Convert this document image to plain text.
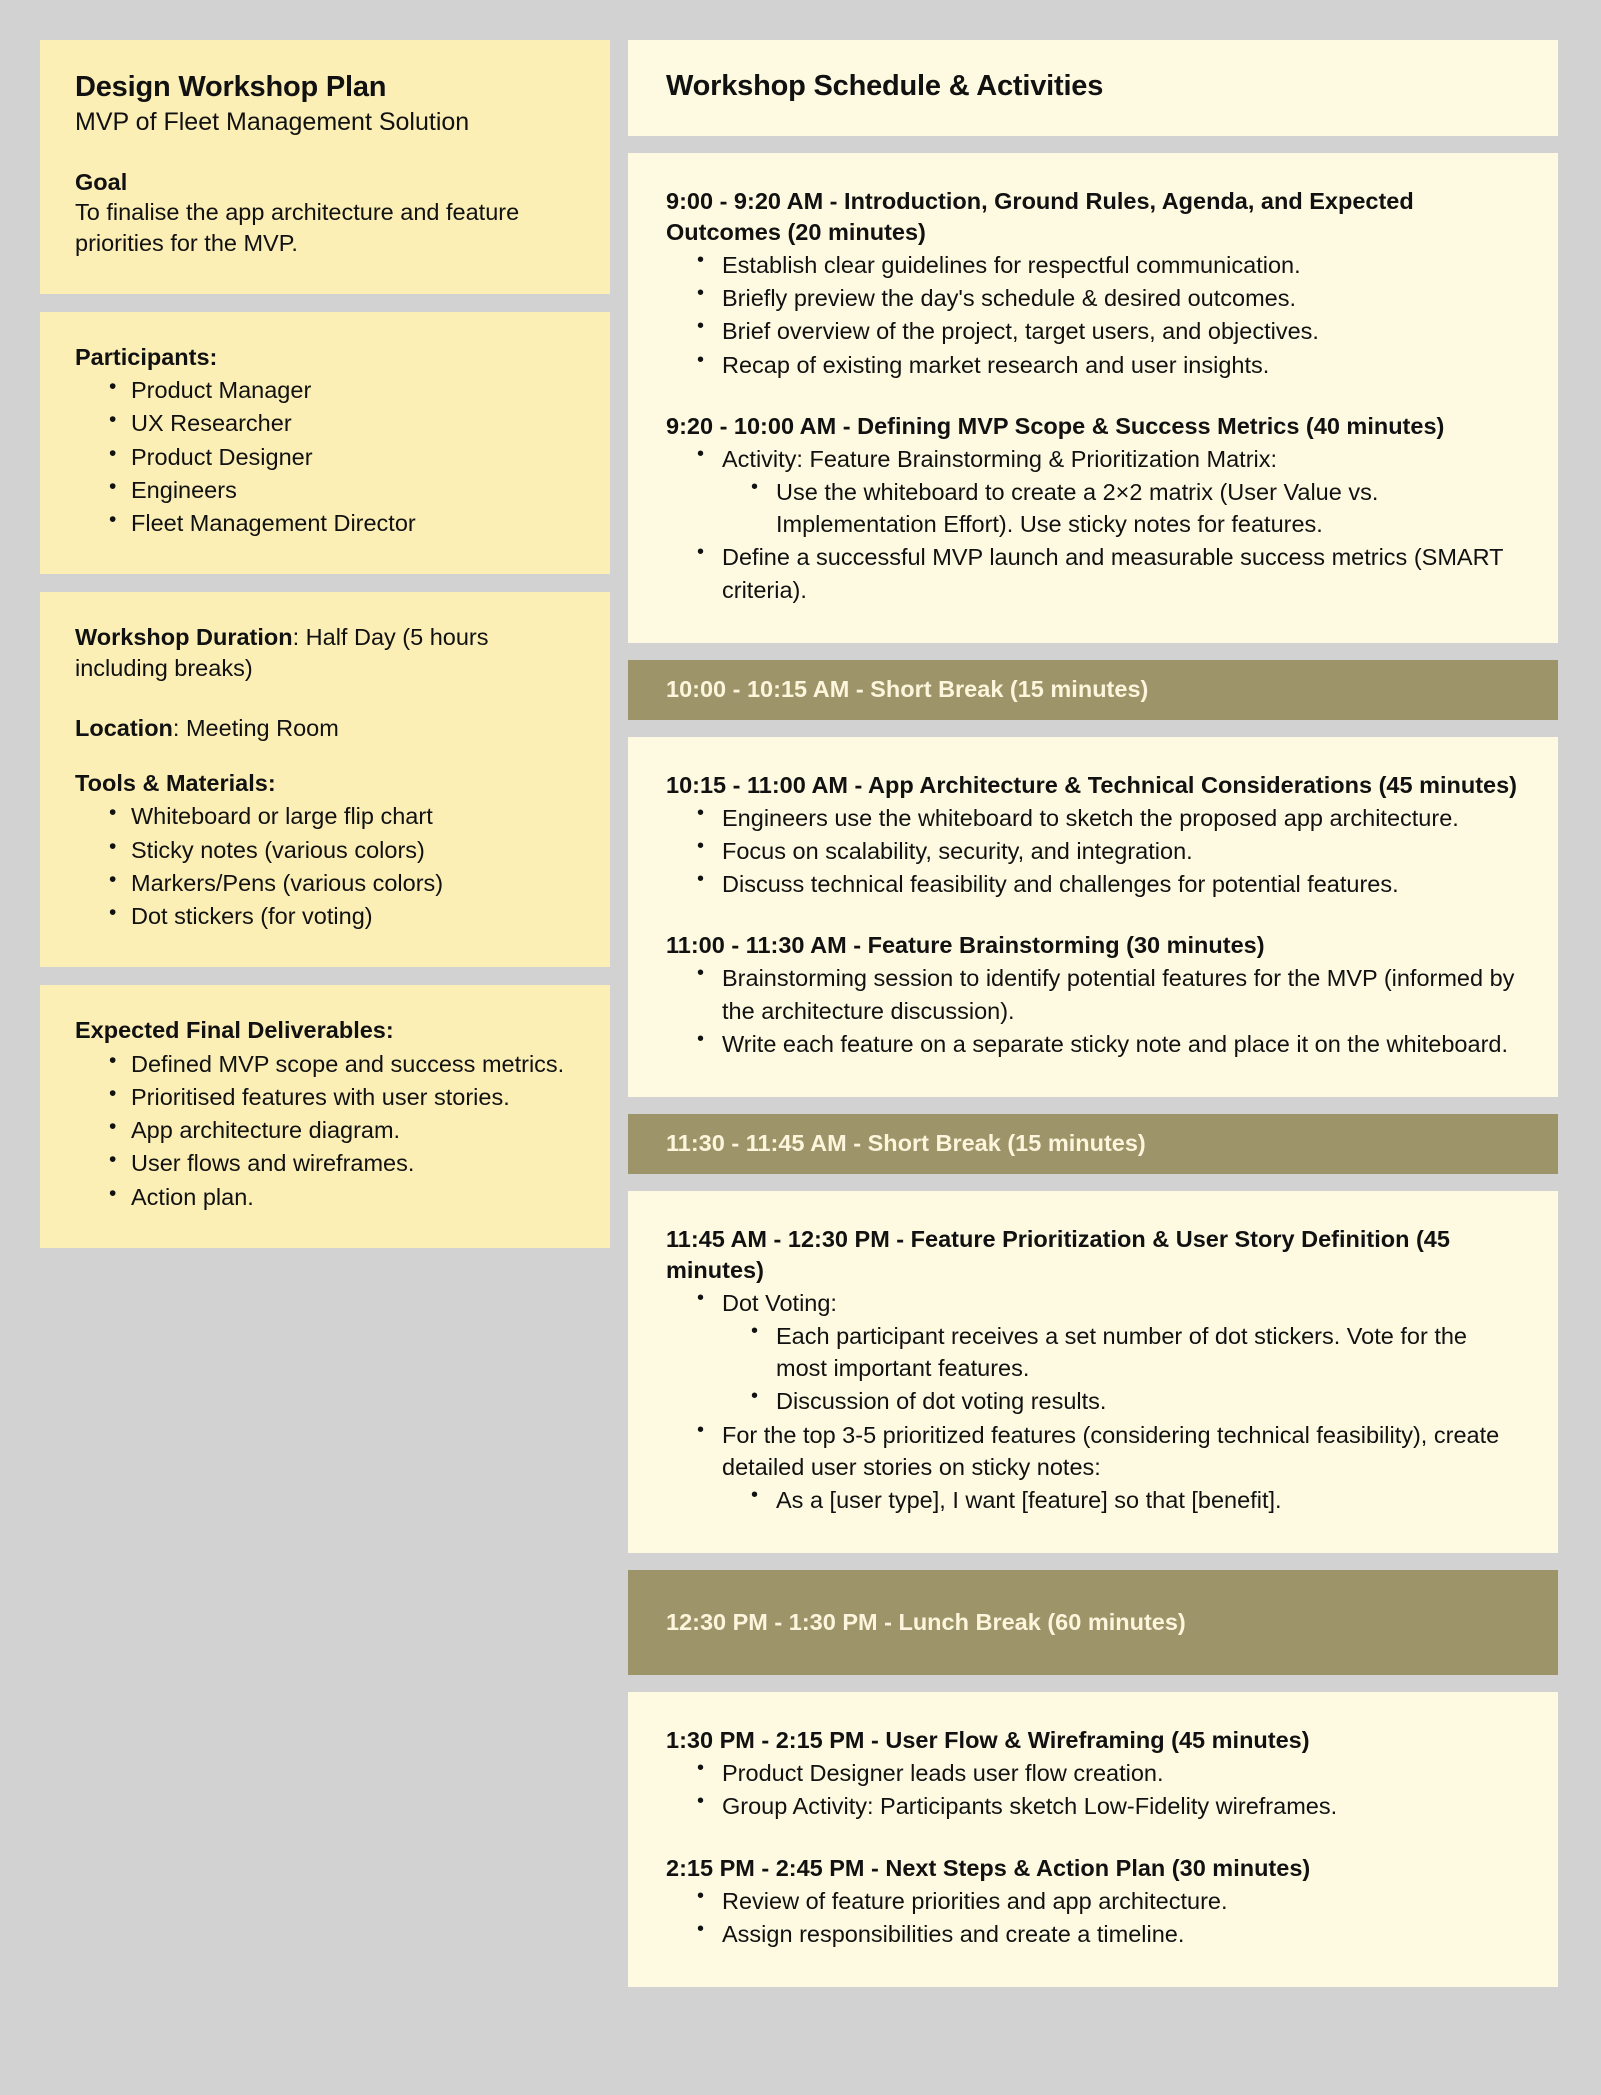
Design Workshop Plan

MVP of Fleet Management Solution

Goal

To finalise the app architecture and feature priorities for the MVP.

Participants:

• Product Manager
• UX Researcher
• Product Designer
• Engineers
• Fleet Management Director

Workshop Duration: Half Day (5 hours including breaks)

Location: Meeting Room

Tools & Materials:

• Whiteboard or large flip chart
• Sticky notes (various colors)
• Markers/Pens (various colors)
• Dot stickers (for voting)

Expected Final Deliverables:

• Defined MVP scope and success metrics.
• Prioritised features with user stories.
• App architecture diagram.
• User flows and wireframes.
• Action plan.
Workshop Schedule & Activities

9:00 - 9:20 AM - Introduction, Ground Rules, Agenda, and Expected Outcomes (20 minutes)

• Establish clear guidelines for respectful communication.
• Briefly preview the day's schedule & desired outcomes.
• Brief overview of the project, target users, and objectives.
• Recap of existing market research and user insights.

9:20 - 10:00 AM - Defining MVP Scope & Success Metrics (40 minutes)

• Activity: Feature Brainstorming & Prioritization Matrix:
• Use the whiteboard to create a 2×2 matrix (User Value vs. Implementation Effort). Use sticky notes for features.
• Define a successful MVP launch and measurable success metrics (SMART criteria).
10:00 - 10:15 AM - Short Break (15 minutes)

10:15 - 11:00 AM - App Architecture & Technical Considerations (45 minutes)

• Engineers use the whiteboard to sketch the proposed app architecture.
• Focus on scalability, security, and integration.
• Discuss technical feasibility and challenges for potential features.

11:00 - 11:30 AM - Feature Brainstorming (30 minutes)

• Brainstorming session to identify potential features for the MVP (informed by the architecture discussion).
• Write each feature on a separate sticky note and place it on the whiteboard.
11:30 - 11:45 AM - Short Break (15 minutes)

11:45 AM - 12:30 PM - Feature Prioritization & User Story Definition (45 minutes)

• Dot Voting:
• Each participant receives a set number of dot stickers. Vote for the most important features.
• Discussion of dot voting results.
• For the top 3-5 prioritized features (considering technical feasibility), create detailed user stories on sticky notes:
• As a [user type], I want [feature] so that [benefit].
12:30 PM - 1:30 PM - Lunch Break (60 minutes)

1:30 PM - 2:15 PM - User Flow & Wireframing (45 minutes)

• Product Designer leads user flow creation.
• Group Activity: Participants sketch Low-Fidelity wireframes.

2:15 PM - 2:45 PM - Next Steps & Action Plan (30 minutes)

• Review of feature priorities and app architecture.
• Assign responsibilities and create a timeline.
